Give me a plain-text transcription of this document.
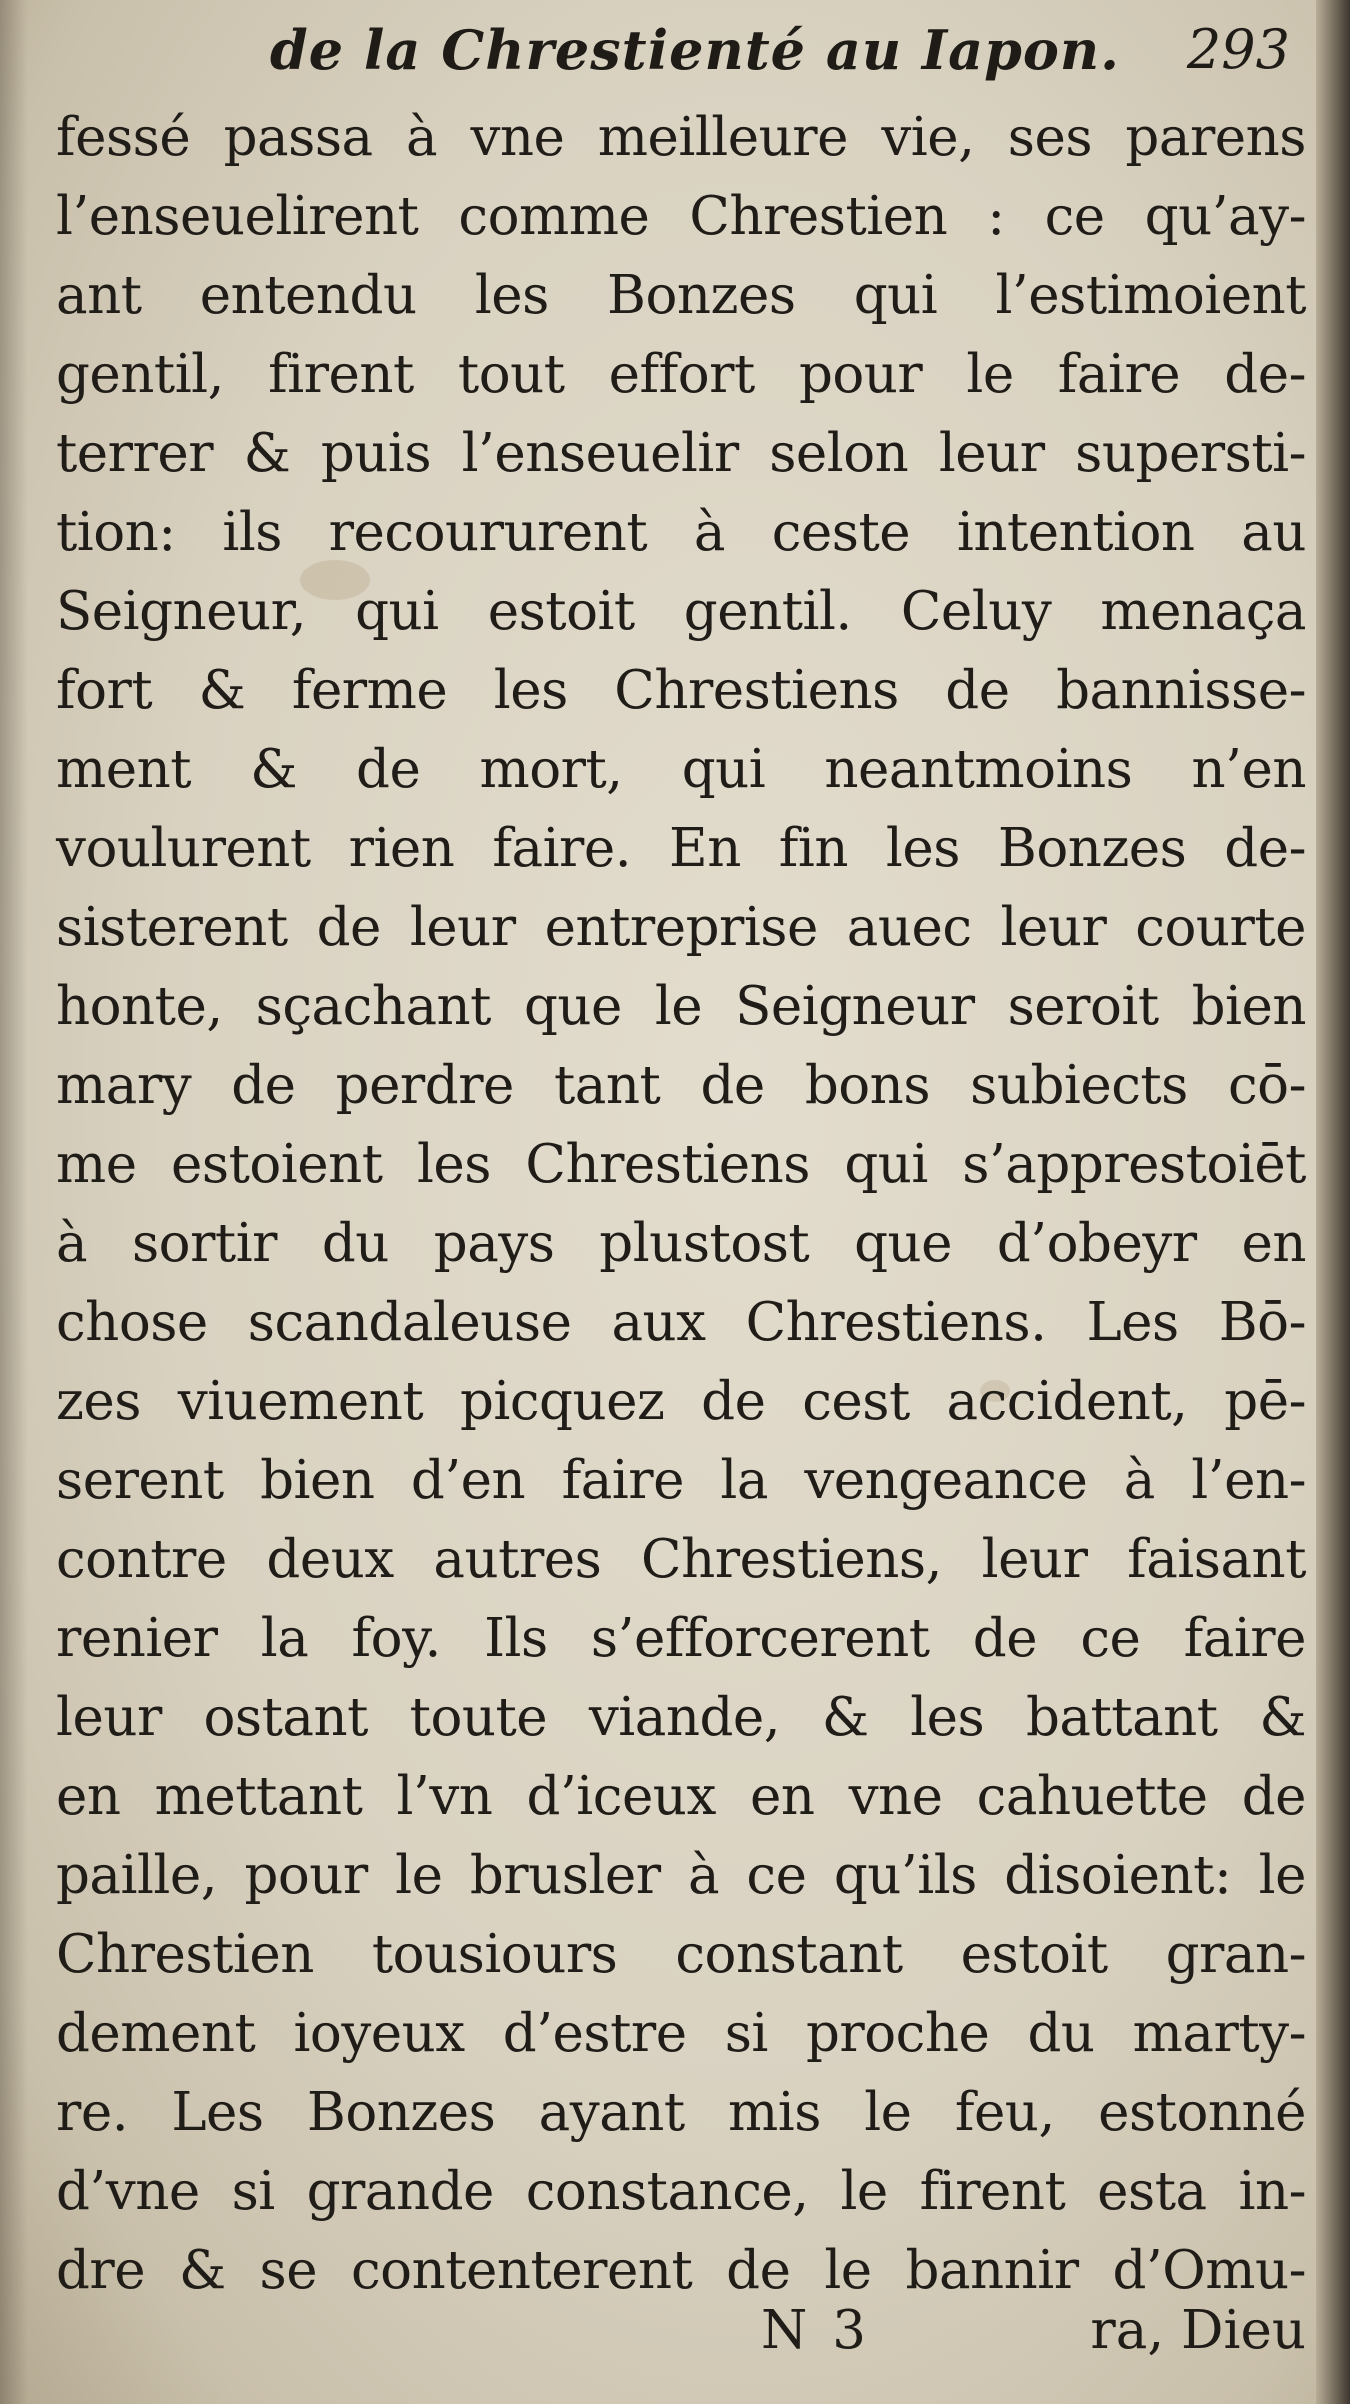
de la Chrestienté au Iapon. 293
fessé passa à vne meilleure vie, ses parens
l’enseuelirent comme Chrestien : ce qu’ay-
ant entendu les Bonzes qui l’estimoient
gentil, firent tout effort pour le faire de-
terrer & puis l’enseuelir selon leur supersti-
tion: ils recoururent à ceste intention au
Seigneur, qui estoit gentil. Celuy menaça
fort & ferme les Chrestiens de bannisse-
ment & de mort, qui neantmoins n’en
voulurent rien faire. En fin les Bonzes de-
sisterent de leur entreprise auec leur courte
honte, sçachant que le Seigneur seroit bien
mary de perdre tant de bons subiects cō-
me estoient les Chrestiens qui s’apprestoiēt
à sortir du pays plustost que d’obeyr en
chose scandaleuse aux Chrestiens. Les Bō-
zes viuement picquez de cest accident, pē-
serent bien d’en faire la vengeance à l’en-
contre deux autres Chrestiens, leur faisant
renier la foy. Ils s’efforcerent de ce faire
leur ostant toute viande, & les battant &
en mettant l’vn d’iceux en vne cahuette de
paille, pour le brusler à ce qu’ils disoient: le
Chrestien tousiours constant estoit gran-
dement ioyeux d’estre si proche du marty-
re. Les Bonzes ayant mis le feu, estonné
d’vne si grande constance, le firent esta in-
dre & se contenterent de le bannir d’Omu-
N 3	ra, Dieu
